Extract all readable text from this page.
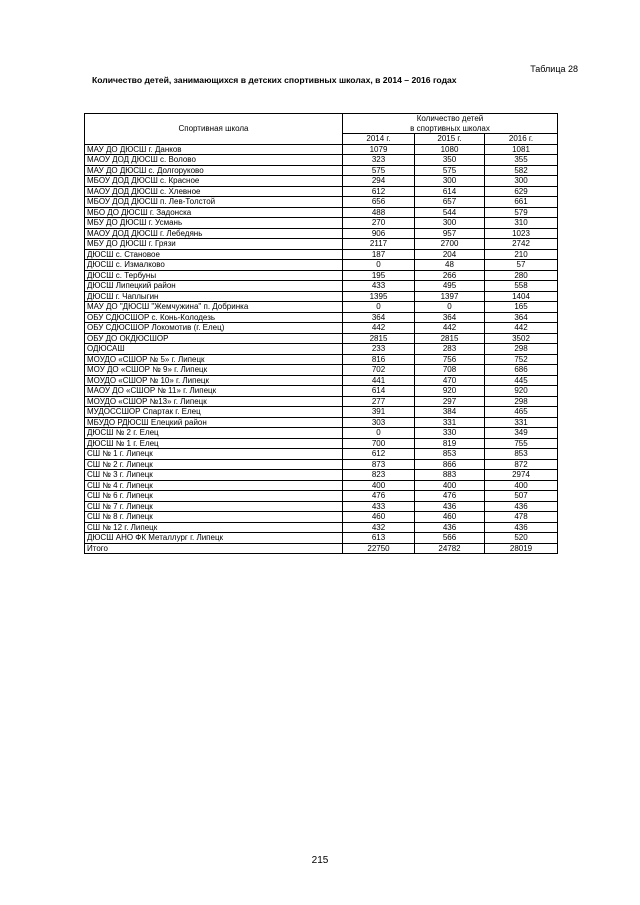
Таблица 28
Количество детей, занимающихся в детских спортивных школах, в 2014 – 2016 годах
Спортивная школа	Количество детей
в спортивных школах		

	2014 г.	2015 г.	2016 г.
МАУ ДО ДЮСШ г. Данков	1079	1080	1081
МАОУ ДОД ДЮСШ с. Волово	323	350	355
МАУ ДО ДЮСШ с. Долгоруково	575	575	582
МБОУ ДОД ДЮСШ с. Красное	294	300	300
МАОУ ДОД ДЮСШ с. Хлевное	612	614	629
МБОУ ДОД ДЮСШ п. Лев-Толстой	656	657	661
МБО ДО ДЮСШ г. Задонска	488	544	579
МБУ ДО ДЮСШ г. Усмань	270	300	310
МАОУ ДОД ДЮСШ г. Лебедянь	906	957	1023
МБУ ДО ДЮСШ г. Грязи	2117	2700	2742
ДЮСШ с. Становое	187	204	210
ДЮСШ с. Измалково	0	48	57
ДЮСШ с. Тербуны	195	266	280
ДЮСШ Липецкий район	433	495	558
ДЮСШ г. Чаплыгин	1395	1397	1404
МАУ ДО "ДЮСШ "Жемчужина" п. Добринка	0	0	165
ОБУ СДЮСШОР с. Конь-Колодезь	364	364	364
ОБУ СДЮСШОР Локомотив (г. Елец)	442	442	442
ОБУ ДО ОКДЮСШОР	2815	2815	3502
ОДЮСАШ	233	283	298
МОУДО «СШОР № 5» г. Липецк	816	756	752
МОУ ДО «СШОР № 9» г. Липецк	702	708	686
МОУДО «СШОР № 10» г. Липецк	441	470	445
МАОУ ДО «СШОР № 11» г. Липецк	614	920	920
МОУДО «СШОР №13» г. Липецк	277	297	298
МУДОССШОР Спартак г. Елец	391	384	465
МБУДО РДЮСШ Елецкий район	303	331	331
ДЮСШ № 2 г. Елец	0	330	349
ДЮСШ № 1 г. Елец	700	819	755
СШ № 1 г. Липецк	612	853	853
СШ № 2 г. Липецк	873	866	872
СШ № 3 г. Липецк	823	883	2974
СШ № 4 г. Липецк	400	400	400
СШ № 6 г. Липецк	476	476	507
СШ № 7 г. Липецк	433	436	436
СШ № 8 г. Липецк	460	460	478
СШ № 12 г. Липецк	432	436	436
ДЮСШ АНО ФК Металлург г. Липецк	613	566	520
Итого	22750	24782	28019
215
